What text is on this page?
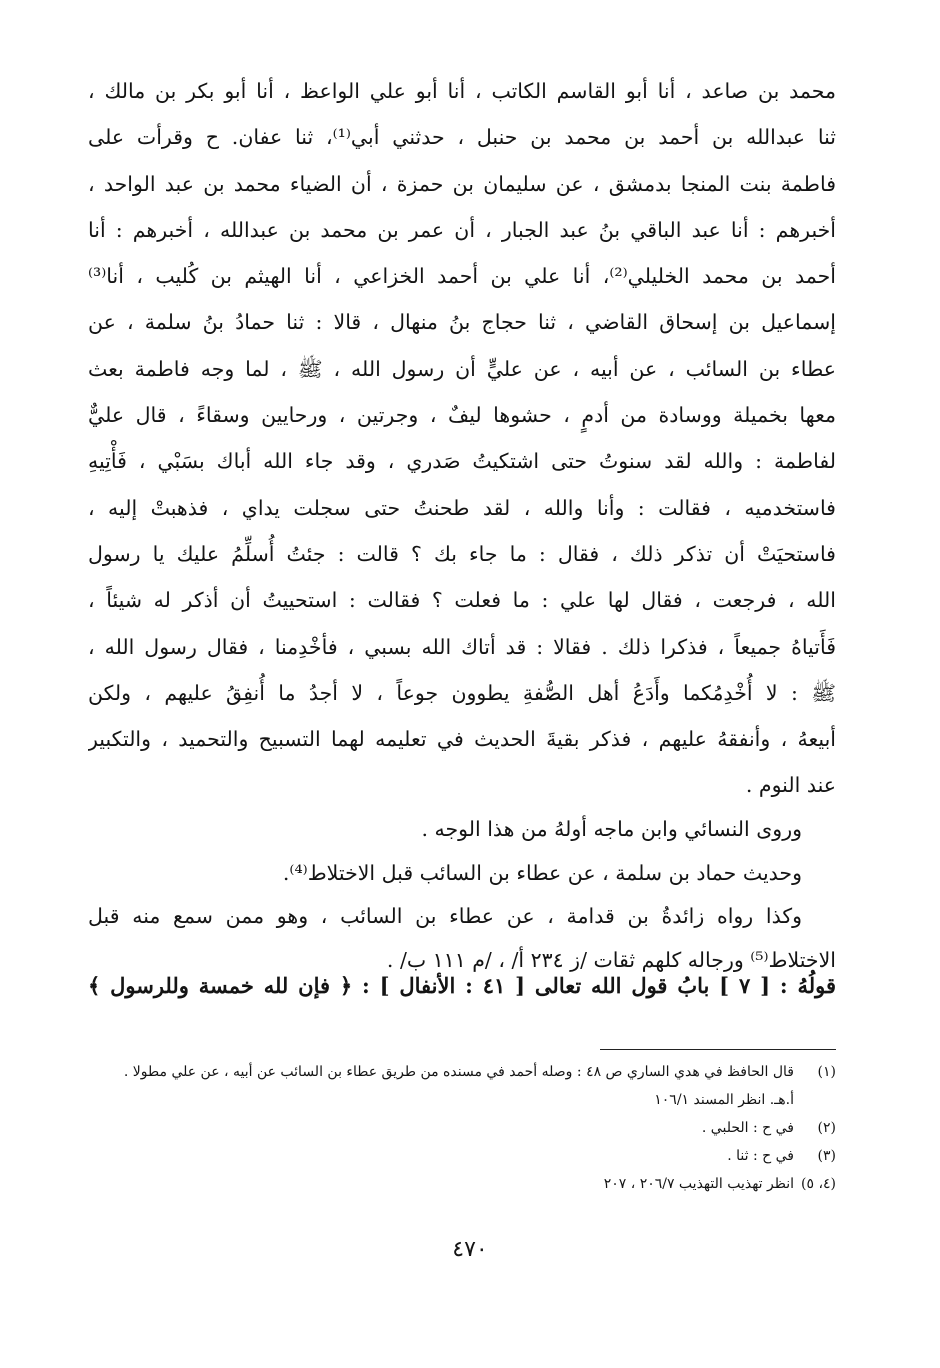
محمد بن صاعد ، أنا أبو القاسم الكاتب ، أنا أبو علي الواعظ ، أنا أبو بكر بن مالك ،
ثنا عبدالله بن أحمد بن محمد بن حنبل ، حدثني أبي⁽¹⁾، ثنا عفان. ح وقرأت على
فاطمة بنت المنجا بدمشق ، عن سليمان بن حمزة ، أن الضياء محمد بن عبد الواحد ،
أخبرهم : أنا عبد الباقي بنُ عبد الجبار ، أن عمر بن محمد بن عبدالله ، أخبرهم : أنا
أحمد بن محمد الخليلي⁽²⁾، أنا علي بن أحمد الخزاعي ، أنا الهيثم بن كُليب ، أنا⁽³⁾
إسماعيل بن إسحاق القاضي ، ثنا حجاج بنُ منهال ، قالا : ثنا حمادُ بنُ سلمة ، عن
عطاء بن السائب ، عن أبيه ، عن عليٍّ أن رسول الله ، ﷺ ، لما وجه فاطمة بعث
معها بخميلة ووسادة من أدمٍ ، حشوها ليفٌ ، وجرتين ، ورحايين وسقاءً ، قال عليٌّ
لفاطمة : والله لقد سنوتُ حتى اشتكيتُ صَدري ، وقد جاء الله أباك بسَبْي ، فَأْتِيهِ
فاستخدميه ، فقالت : وأنا والله ، لقد طحنتُ حتى سجلت يداي ، فذهبتْ إليه ،
فاستحيَتْ أن تذكر ذلك ، فقال : ما جاء بك ؟ قالت : جئتُ أُسلِّمُ عليك يا رسول
الله ، فرجعت ، فقال لها علي : ما فعلت ؟ فقالت : استحييتُ أن أذكر له شيئاً ،
فَأَتياهُ جميعاً ، فذكرا ذلك . فقالا : قد أتاك الله بسبي ، فأخْدِمنا ، فقال رسول الله ،
ﷺ : لا أُخْدِمُكما وأَدَعُ أهل الصُّفةِ يطوون جوعاً ، لا أجدُ ما أُنفِقُ عليهم ، ولكن
أبيعهُ ، وأنفقهُ عليهم ، فذكر بقيةَ الحديث في تعليمه لهما التسبيح والتحميد ، والتكبير
عند النوم .
وروى النسائي وابن ماجه أولهُ من هذا الوجه .
وحديث حماد بن سلمة ، عن عطاء بن السائب قبل الاختلاط⁽⁴⁾.
وكذا رواه زائدةُ بن قدامة ، عن عطاء بن السائب ، وهو ممن سمع منه قبل
الاختلاط⁽⁵⁾ ورجاله كلهم ثقات /ز ٢٣٤ أ/ ، /م ١١١ ب/ .
قولُهُ : [ ٧ ] بابُ قول الله تعالى [ ٤١ : الأنفال ] : ﴿ فإن لله خمسة وللرسول ﴾
(١)
قال الحافظ في هدي الساري ص ٤٨ : وصله أحمد في مسنده من طريق عطاء بن السائب عن أبيه ، عن علي مطولا .
أ.هـ. انظر المسند ١٠٦/١
(٢)
في ح : الحلبي .
(٣)
في ح : ثنا .
(٤، ٥)
انظر تهذيب التهذيب ٢٠٦/٧ ، ٢٠٧
٤٧٠
